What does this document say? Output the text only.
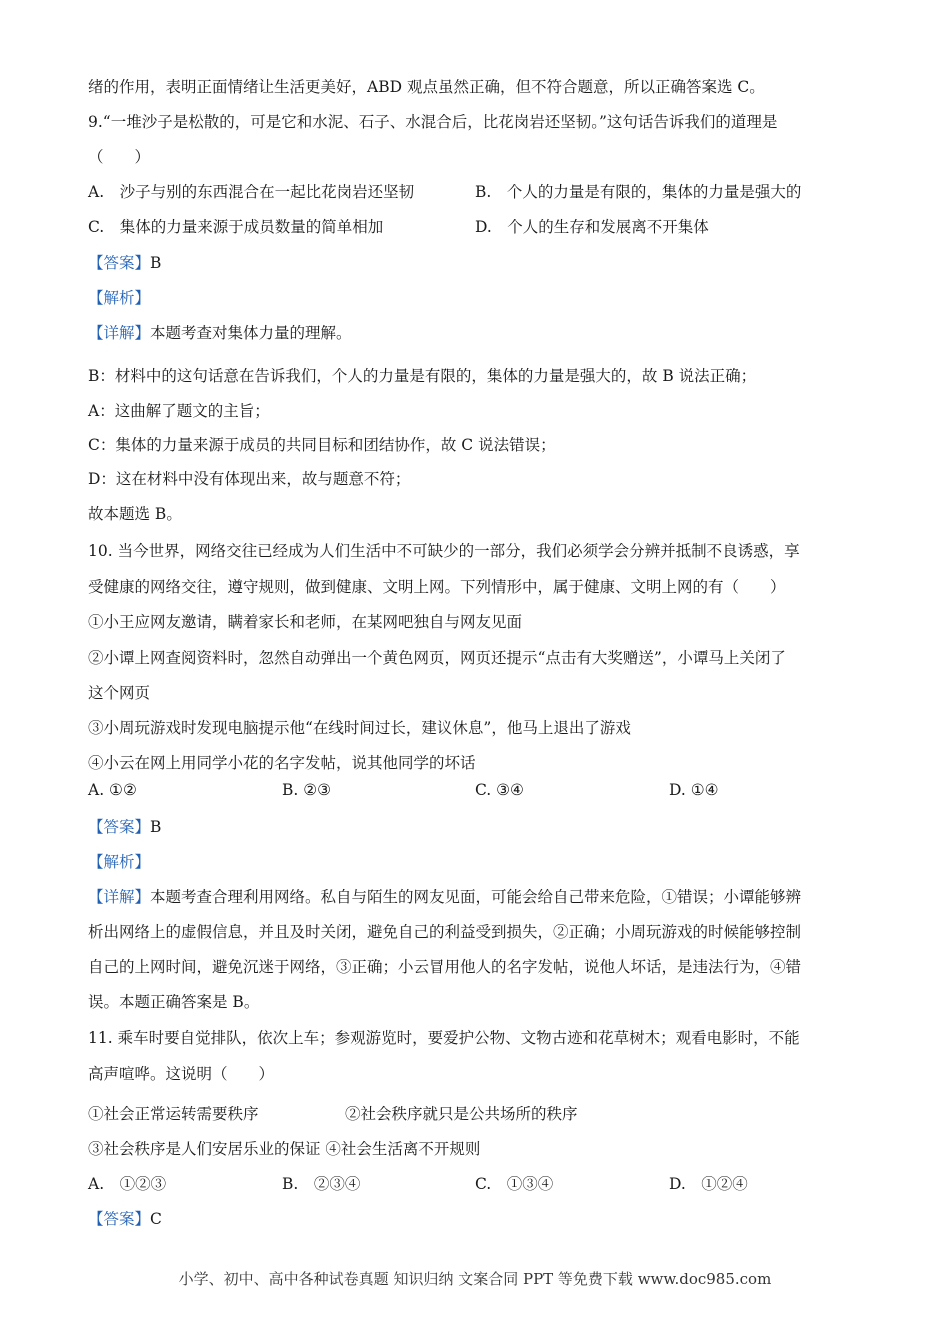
绪的作用，表明正面情绪让生活更美好，ABD 观点虽然正确，但不符合题意，所以正确答案选 C。
9.“一堆沙子是松散的，可是它和水泥、石子、水混合后，比花岗岩还坚韧。”这句话告诉我们的道理是
（　　）
B：材料中的这句话意在告诉我们，个人的力量是有限的，集体的力量是强大的，故 B 说法正确；
A：这曲解了题文的主旨；
C：集体的力量来源于成员的共同目标和团结协作，故 C 说法错误；
D：这在材料中没有体现出来，故与题意不符；
故本题选 B。
10. 当今世界，网络交往已经成为人们生活中不可缺少的一部分，我们必须学会分辨并抵制不良诱惑，享
受健康的网络交往，遵守规则，做到健康、文明上网。下列情形中，属于健康、文明上网的有（　　）
①小王应网友邀请，瞒着家长和老师，在某网吧独自与网友见面
②小谭上网查阅资料时，忽然自动弹出一个黄色网页，网页还提示“点击有大奖赠送”，小谭马上关闭了
这个网页
③小周玩游戏时发现电脑提示他“在线时间过长，建议休息”，他马上退出了游戏
④小云在网上用同学小花的名字发帖，说其他同学的坏话
析出网络上的虚假信息，并且及时关闭，避免自己的利益受到损失，②正确；小周玩游戏的时候能够控制
自己的上网时间，避免沉迷于网络，③正确；小云冒用他人的名字发帖，说他人坏话，是违法行为，④错
误。本题正确答案是 B。
11. 乘车时要自觉排队，依次上车；参观游览时，要爱护公物、文物古迹和花草树木；观看电影时，不能
高声喧哗。这说明（　　）
【答案】B
【解析】
【详解】本题考查对集体力量的理解。
【答案】B
【解析】
【详解】本题考查合理利用网络。私自与陌生的网友见面，可能会给自己带来危险，①错误；小谭能够辨
【答案】C
A.　沙子与别的东西混合在一起比花岗岩还坚韧	B.　个人的力量是有限的，集体的力量是强大的
C.　集体的力量来源于成员数量的简单相加	D.　个人的生存和发展离不开集体
A. ①②	B. ②③	C. ③④	D. ①④
①社会正常运转需要秩序	②社会秩序就只是公共场所的秩序
③社会秩序是人们安居乐业的保证 ④社会生活离不开规则
A.　①②③	B.　②③④	C.　①③④	D.　①②④
小学、初中、高中各种试卷真题 知识归纳 文案合同 PPT 等免费下载 www.doc985.com
